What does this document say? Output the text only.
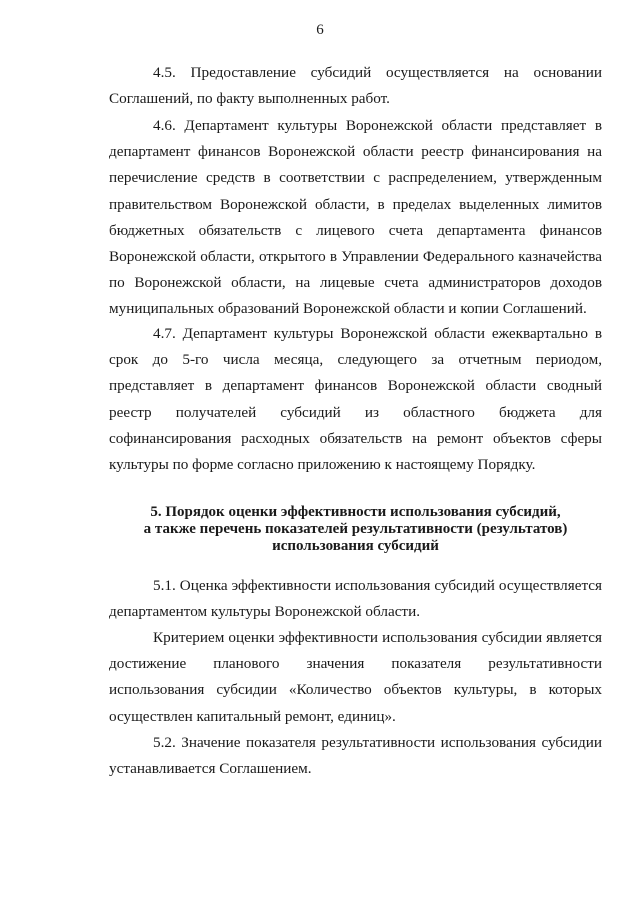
6

4.5. Предоставление субсидий осуществляется на основании Соглашений, по факту выполненных работ.

4.6. Департамент культуры Воронежской области представляет в департамент финансов Воронежской области реестр финансирования на перечисление средств в соответствии с распределением, утвержденным правительством Воронежской области, в пределах выделенных лимитов бюджетных обязательств с лицевого счета департамента финансов Воронежской области, открытого в Управлении Федерального казначейства по Воронежской области, на лицевые счета администраторов доходов муниципальных образований Воронежской области и копии Соглашений.

4.7. Департамент культуры Воронежской области ежеквартально в срок до 5-го числа месяца, следующего за отчетным периодом, представляет в департамент финансов Воронежской области сводный реестр получателей субсидий из областного бюджета для софинансирования расходных обязательств на ремонт объектов сферы культуры по форме согласно приложению к настоящему Порядку.

5. Порядок оценки эффективности использования субсидий,
а также перечень показателей результативности (результатов)
использования субсидий

5.1. Оценка эффективности использования субсидий осуществляется департаментом культуры Воронежской области.

Критерием оценки эффективности использования субсидии является достижение планового значения показателя результативности использования субсидии «Количество объектов культуры, в которых осуществлен капитальный ремонт, единиц».

5.2. Значение показателя результативности использования субсидии устанавливается Соглашением.
